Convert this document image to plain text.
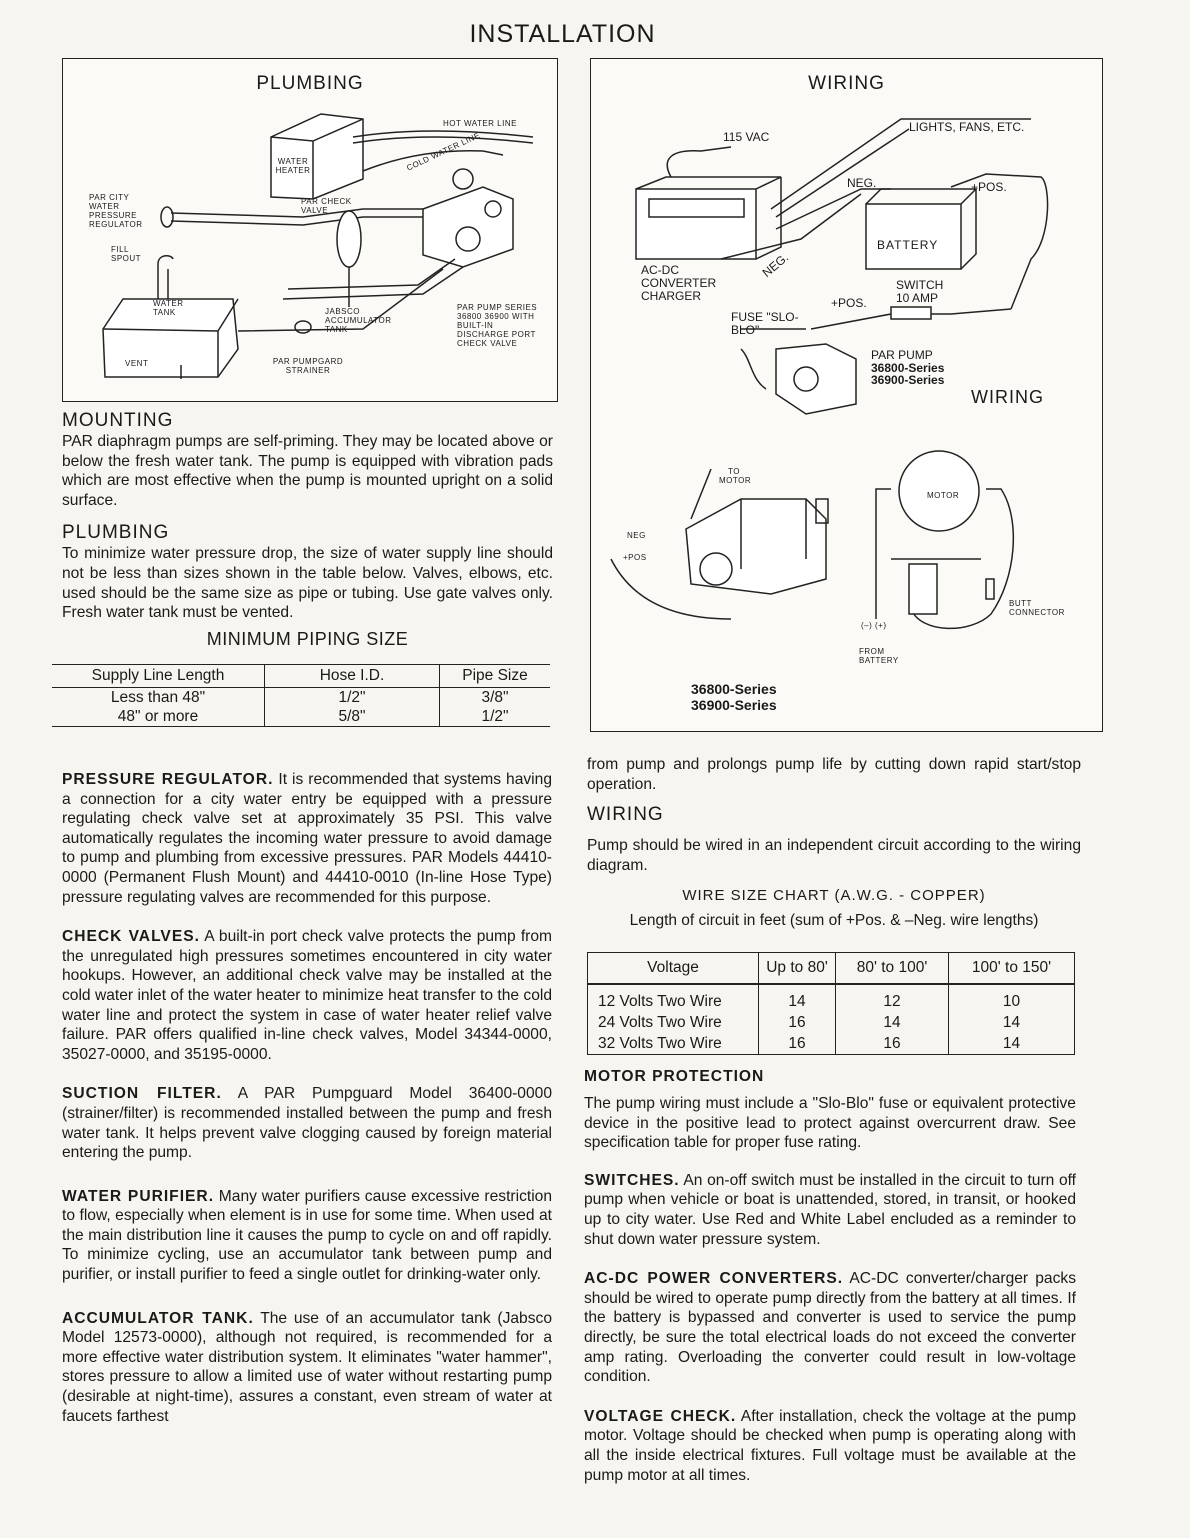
INSTALLATION
PLUMBING
HOT WATER LINE
COLD WATER LINE
WATER HEATER
PAR CITY WATER PRESSURE REGULATOR
PAR CHECK VALVE
FILL SPOUT
WATER TANK
VENT
JABSCO ACCUMULATOR TANK
PAR PUMP SERIES 36800 36900 WITH BUILT-IN DISCHARGE PORT CHECK VALVE
PAR PUMPGARD STRAINER
WIRING
115 VAC
LIGHTS, FANS, ETC.
NEG.	+POS.
BATTERY
AC-DC CONVERTER CHARGER
NEG.
SWITCH 10 AMP
+POS.
FUSE "SLO-BLO"
PAR PUMP
36800-Series
36900-Series
WIRING
TO MOTOR
MOTOR
NEG
+POS
(–) (+)
BUTT CONNECTOR
FROM BATTERY
36800-Series
36900-Series
MOUNTING
PAR diaphragm pumps are self-priming. They may be located above or below the fresh water tank. The pump is equipped with vibration pads which are most effective when the pump is mounted upright on a solid surface.
PLUMBING
To minimize water pressure drop, the size of water supply line should not be less than sizes shown in the table below. Valves, elbows, etc. used should be the same size as pipe or tubing. Use gate valves only. Fresh water tank must be vented.
MINIMUM PIPING SIZE
Supply Line Length	Hose I.D.	Pipe Size
Less than 48"	1/2"	3/8"
48" or more	5/8"	1/2"
PRESSURE REGULATOR. It is recommended that systems having a connection for a city water entry be equipped with a pressure regulating check valve set at approximately 35 PSI. This valve automatically regulates the incoming water pressure to avoid damage to pump and plumbing from excessive pressures. PAR Models 44410-0000 (Permanent Flush Mount) and 44410-0010 (In-line Hose Type) pressure regulating valves are recommended for this purpose.
CHECK VALVES. A built-in port check valve protects the pump from the unregulated high pressures sometimes encountered in city water hookups. However, an additional check valve may be installed at the cold water inlet of the water heater to minimize heat transfer to the cold water line and protect the system in case of water heater relief valve failure. PAR offers qualified in-line check valves, Model 34344-0000, 35027-0000, and 35195-0000.
SUCTION FILTER. A PAR Pumpguard Model 36400-0000 (strainer/filter) is recommended installed between the pump and fresh water tank. It helps prevent valve clogging caused by foreign material entering the pump.
WATER PURIFIER. Many water purifiers cause excessive restriction to flow, especially when element is in use for some time. When used at the main distribution line it causes the pump to cycle on and off rapidly. To minimize cycling, use an accumulator tank between pump and purifier, or install purifier to feed a single outlet for drinking-water only.
ACCUMULATOR TANK. The use of an accumulator tank (Jabsco Model 12573-0000), although not required, is recommended for a more effective water distribution system. It eliminates "water hammer", stores pressure to allow a limited use of water without restarting pump (desirable at night-time), assures a constant, even stream of water at faucets farthest
from pump and prolongs pump life by cutting down rapid start/stop operation.
WIRING
Pump should be wired in an independent circuit according to the wiring diagram.
WIRE SIZE CHART (A.W.G. - COPPER)
Length of circuit in feet (sum of +Pos. & –Neg. wire lengths)
Voltage	Up to 80'	80' to 100'	100' to 150'
12 Volts Two Wire	14	12	10
24 Volts Two Wire	16	14	14
32 Volts Two Wire	16	16	14
MOTOR PROTECTION
The pump wiring must include a "Slo-Blo" fuse or equivalent protective device in the positive lead to protect against overcurrent draw. See specification table for proper fuse rating.
SWITCHES. An on-off switch must be installed in the circuit to turn off pump when vehicle or boat is unattended, stored, in transit, or hooked up to city water. Use Red and White Label encluded as a reminder to shut down water pressure system.
AC-DC POWER CONVERTERS. AC-DC converter/charger packs should be wired to operate pump directly from the battery at all times. If the battery is bypassed and converter is used to service the pump directly, be sure the total electrical loads do not exceed the converter amp rating. Overloading the converter could result in low-voltage condition.
VOLTAGE CHECK. After installation, check the voltage at the pump motor. Voltage should be checked when pump is operating along with all the inside electrical fixtures. Full voltage must be available at the pump motor at all times.
